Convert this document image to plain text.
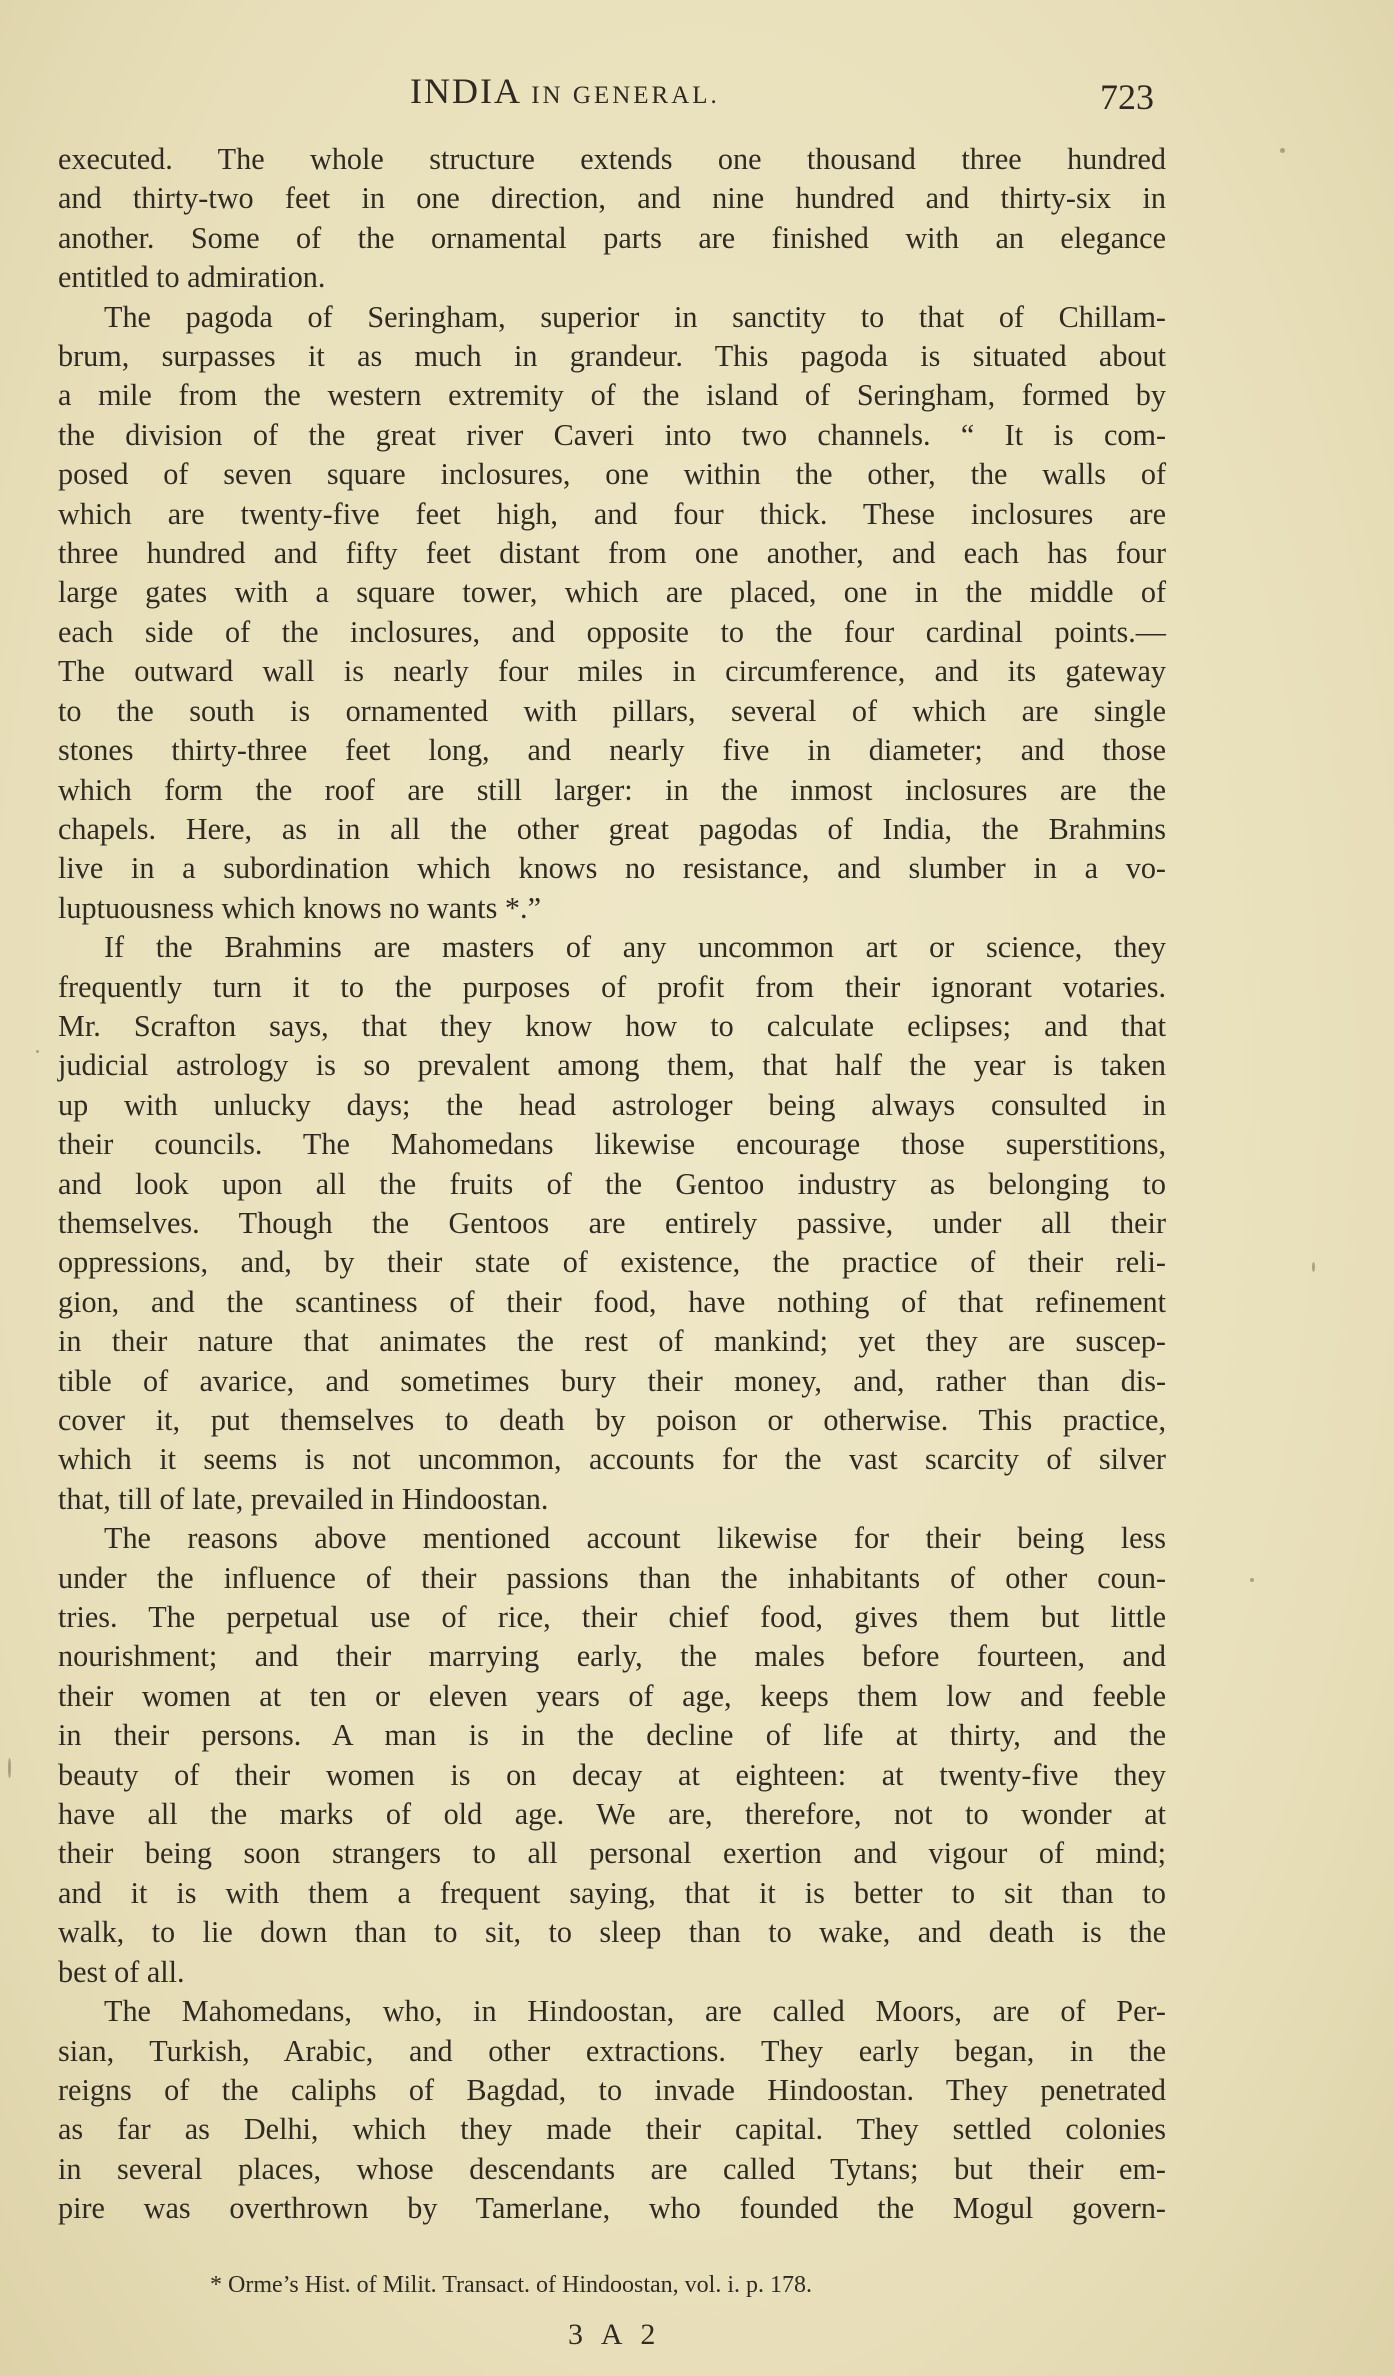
INDIA IN GENERAL.	723
executed. The whole structure extends one thousand three hundred
and thirty-two feet in one direction, and nine hundred and thirty-six in
another. Some of the ornamental parts are finished with an elegance
entitled to admiration.
The pagoda of Seringham, superior in sanctity to that of Chillam-
brum, surpasses it as much in grandeur. This pagoda is situated about
a mile from the western extremity of the island of Seringham, formed by
the division of the great river Caveri into two channels. “ It is com-
posed of seven square inclosures, one within the other, the walls of
which are twenty-five feet high, and four thick. These inclosures are
three hundred and fifty feet distant from one another, and each has four
large gates with a square tower, which are placed, one in the middle of
each side of the inclosures, and opposite to the four cardinal points.—
The outward wall is nearly four miles in circumference, and its gateway
to the south is ornamented with pillars, several of which are single
stones thirty-three feet long, and nearly five in diameter; and those
which form the roof are still larger: in the inmost inclosures are the
chapels. Here, as in all the other great pagodas of India, the Brahmins
live in a subordination which knows no resistance, and slumber in a vo-
luptuousness which knows no wants *.”
If the Brahmins are masters of any uncommon art or science, they
frequently turn it to the purposes of profit from their ignorant votaries.
Mr. Scrafton says, that they know how to calculate eclipses; and that
judicial astrology is so prevalent among them, that half the year is taken
up with unlucky days; the head astrologer being always consulted in
their councils. The Mahomedans likewise encourage those superstitions,
and look upon all the fruits of the Gentoo industry as belonging to
themselves. Though the Gentoos are entirely passive, under all their
oppressions, and, by their state of existence, the practice of their reli-
gion, and the scantiness of their food, have nothing of that refinement
in their nature that animates the rest of mankind; yet they are suscep-
tible of avarice, and sometimes bury their money, and, rather than dis-
cover it, put themselves to death by poison or otherwise. This practice,
which it seems is not uncommon, accounts for the vast scarcity of silver
that, till of late, prevailed in Hindoostan.
The reasons above mentioned account likewise for their being less
under the influence of their passions than the inhabitants of other coun-
tries. The perpetual use of rice, their chief food, gives them but little
nourishment; and their marrying early, the males before fourteen, and
their women at ten or eleven years of age, keeps them low and feeble
in their persons. A man is in the decline of life at thirty, and the
beauty of their women is on decay at eighteen: at twenty-five they
have all the marks of old age. We are, therefore, not to wonder at
their being soon strangers to all personal exertion and vigour of mind;
and it is with them a frequent saying, that it is better to sit than to
walk, to lie down than to sit, to sleep than to wake, and death is the
best of all.
The Mahomedans, who, in Hindoostan, are called Moors, are of Per-
sian, Turkish, Arabic, and other extractions. They early began, in the
reigns of the caliphs of Bagdad, to invade Hindoostan. They penetrated
as far as Delhi, which they made their capital. They settled colonies
in several places, whose descendants are called Tytans; but their em-
pire was overthrown by Tamerlane, who founded the Mogul govern-
* Orme’s Hist. of Milit. Transact. of Hindoostan, vol. i. p. 178.
3 A 2
